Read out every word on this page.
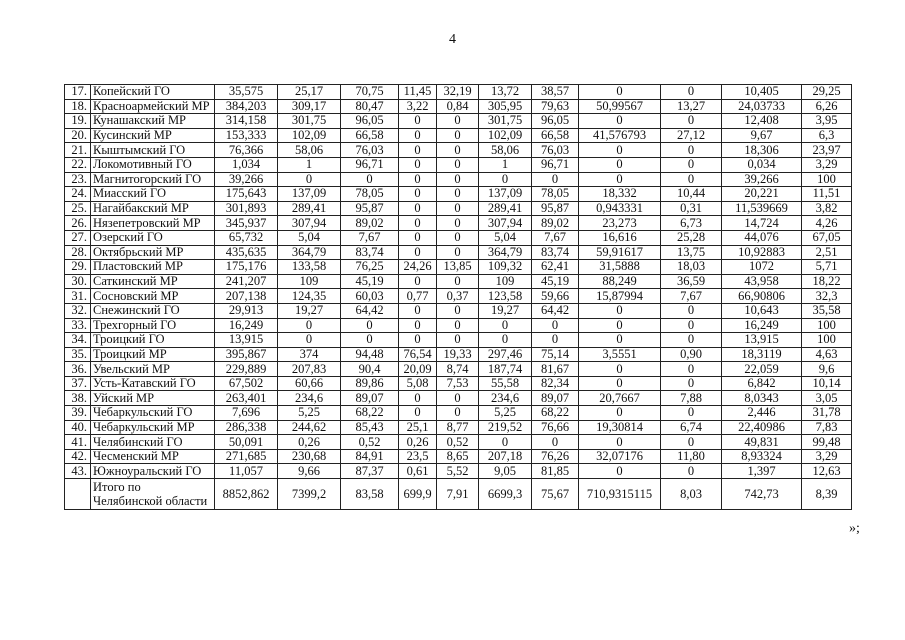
4
17.	Копейский ГО	35,575	25,17	70,75	11,45	32,19	13,72	38,57	0	0	10,405	29,25
18.	Красноармейский МР	384,203	309,17	80,47	3,22	0,84	305,95	79,63	50,99567	13,27	24,03733	6,26
19.	Кунашакский МР	314,158	301,75	96,05	0	0	301,75	96,05	0	0	12,408	3,95
20.	Кусинский МР	153,333	102,09	66,58	0	0	102,09	66,58	41,576793	27,12	9,67	6,3
21.	Кыштымский ГО	76,366	58,06	76,03	0	0	58,06	76,03	0	0	18,306	23,97
22.	Локомотивный ГО	1,034	1	96,71	0	0	1	96,71	0	0	0,034	3,29
23.	Магнитогорский ГО	39,266	0	0	0	0	0	0	0	0	39,266	100
24.	Миасский ГО	175,643	137,09	78,05	0	0	137,09	78,05	18,332	10,44	20,221	11,51
25.	Нагайбакский МР	301,893	289,41	95,87	0	0	289,41	95,87	0,943331	0,31	11,539669	3,82
26.	Нязепетровский МР	345,937	307,94	89,02	0	0	307,94	89,02	23,273	6,73	14,724	4,26
27.	Озерский ГО	65,732	5,04	7,67	0	0	5,04	7,67	16,616	25,28	44,076	67,05
28.	Октябрьский МР	435,635	364,79	83,74	0	0	364,79	83,74	59,91617	13,75	10,92883	2,51
29.	Пластовский МР	175,176	133,58	76,25	24,26	13,85	109,32	62,41	31,5888	18,03	1072	5,71
30.	Саткинский МР	241,207	109	45,19	0	0	109	45,19	88,249	36,59	43,958	18,22
31.	Сосновский МР	207,138	124,35	60,03	0,77	0,37	123,58	59,66	15,87994	7,67	66,90806	32,3
32.	Снежинский ГО	29,913	19,27	64,42	0	0	19,27	64,42	0	0	10,643	35,58
33.	Трехгорный ГО	16,249	0	0	0	0	0	0	0	0	16,249	100
34.	Троицкий ГО	13,915	0	0	0	0	0	0	0	0	13,915	100
35.	Троицкий МР	395,867	374	94,48	76,54	19,33	297,46	75,14	3,5551	0,90	18,3119	4,63
36.	Увельский МР	229,889	207,83	90,4	20,09	8,74	187,74	81,67	0	0	22,059	9,6
37.	Усть-Катавский ГО	67,502	60,66	89,86	5,08	7,53	55,58	82,34	0	0	6,842	10,14
38.	Уйский МР	263,401	234,6	89,07	0	0	234,6	89,07	20,7667	7,88	8,0343	3,05
39.	Чебаркульский ГО	7,696	5,25	68,22	0	0	5,25	68,22	0	0	2,446	31,78
40.	Чебаркульский МР	286,338	244,62	85,43	25,1	8,77	219,52	76,66	19,30814	6,74	22,40986	7,83
41.	Челябинский ГО	50,091	0,26	0,52	0,26	0,52	0	0	0	0	49,831	99,48
42.	Чесменский МР	271,685	230,68	84,91	23,5	8,65	207,18	76,26	32,07176	11,80	8,93324	3,29
43.	Южноуральский ГО	11,057	9,66	87,37	0,61	5,52	9,05	81,85	0	0	1,397	12,63
	Итого по Челябинской области	8852,862	7399,2	83,58	699,9	7,91	6699,3	75,67	710,9315115	8,03	742,73	8,39
»;
